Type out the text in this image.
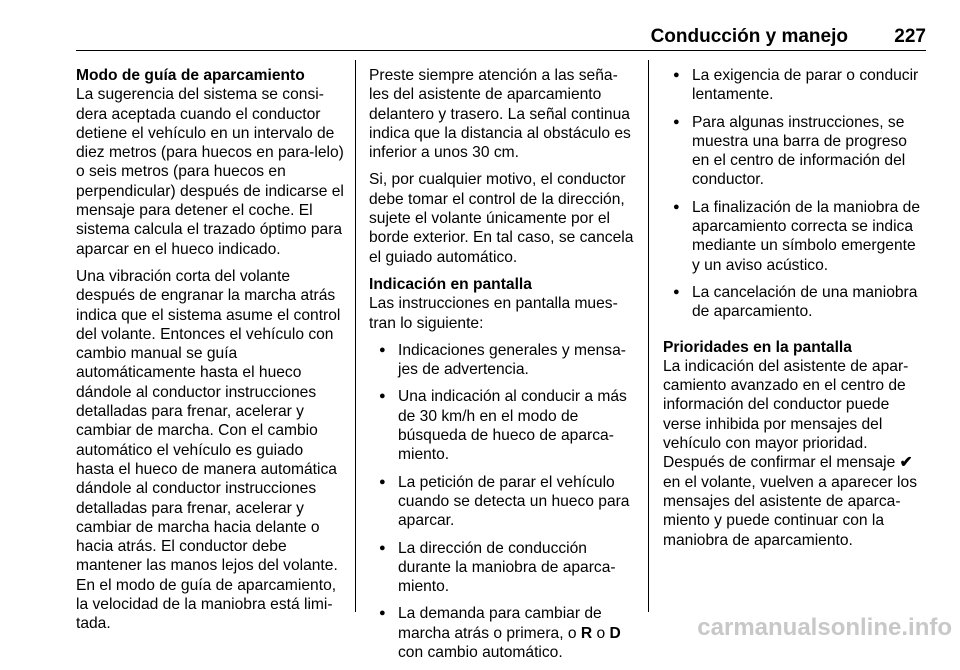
Conducción y manejo 227
Modo de guía de aparcamiento

La sugerencia del sistema se consi-dera aceptada cuando el conductor detiene el vehículo en un intervalo de diez metros (para huecos en para-lelo) o seis metros (para huecos en perpendicular) después de indicarse el mensaje para detener el coche. El sistema calcula el trazado óptimo para aparcar en el hueco indicado.

Una vibración corta del volante después de engranar la marcha atrás indica que el sistema asume el control del volante. Entonces el vehículo con cambio manual se guía automáticamente hasta el hueco dándole al conductor instrucciones detalladas para frenar, acelerar y cambiar de marcha. Con el cambio automático el vehículo es guiado hasta el hueco de manera automática dándole al conductor instrucciones detalladas para frenar, acelerar y cambiar de marcha hacia delante o hacia atrás. El conductor debe mantener las manos lejos del volante. En el modo de guía de aparcamiento, la velocidad de la maniobra está limi-tada.

Preste siempre atención a las seña-les del asistente de aparcamiento delantero y trasero. La señal continua indica que la distancia al obstáculo es inferior a unos 30 cm.

Si, por cualquier motivo, el conductor debe tomar el control de la dirección, sujete el volante únicamente por el borde exterior. En tal caso, se cancela el guiado automático.

Indicación en pantalla

Las instrucciones en pantalla mues-tran lo siguiente:

● Indicaciones generales y mensa-jes de advertencia.
● Una indicación al conducir a más de 30 km/h en el modo de búsqueda de hueco de aparca-miento.
● La petición de parar el vehículo cuando se detecta un hueco para aparcar.
● La dirección de conducción durante la maniobra de aparca-miento.
● La demanda para cambiar de marcha atrás o primera, o R o D con cambio automático.
● La exigencia de parar o conducir lentamente.
● Para algunas instrucciones, se muestra una barra de progreso en el centro de información del conductor.
● La finalización de la maniobra de aparcamiento correcta se indica mediante un símbolo emergente y un aviso acústico.
● La cancelación de una maniobra de aparcamiento.
Prioridades en la pantalla
La indicación del asistente de apar-camiento avanzado en el centro de información del conductor puede verse inhibida por mensajes del vehículo con mayor prioridad.
Después de confirmar el mensaje ✔ en el volante, vuelven a aparecer los mensajes del asistente de aparca-miento y puede continuar con la maniobra de aparcamiento.
carmanualsonline.info
